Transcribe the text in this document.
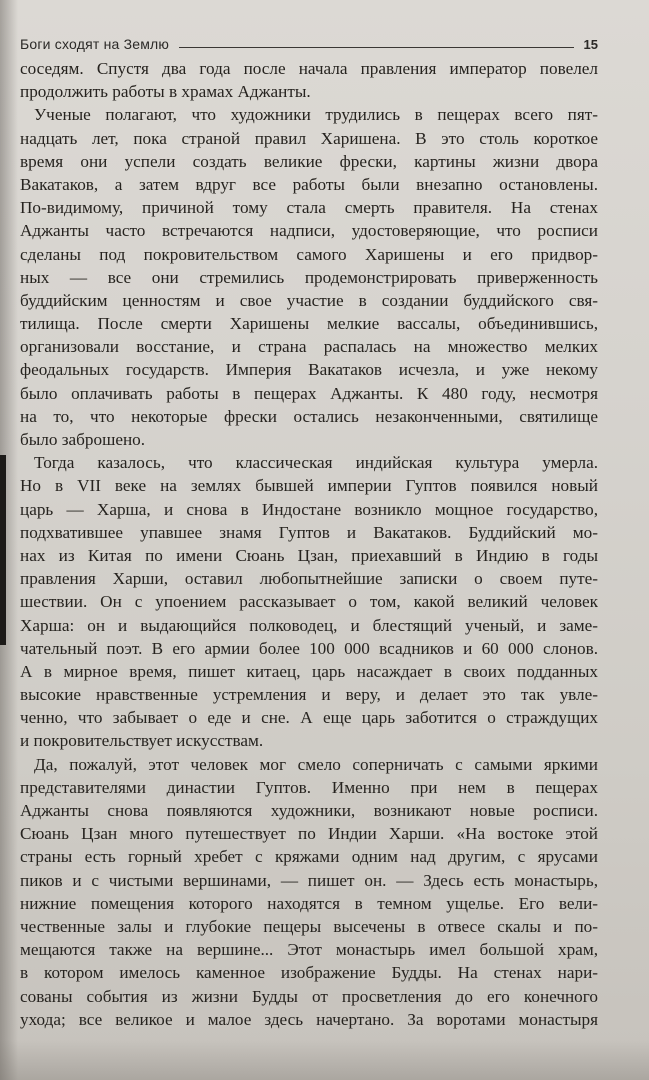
Боги сходят на Землю	15
соседям. Спустя два года после начала правления император повелел
продолжить работы в храмах Аджанты.
Ученые полагают, что художники трудились в пещерах всего пят-
надцать лет, пока страной правил Харишена. В это столь короткое
время они успели создать великие фрески, картины жизни двора
Вакатаков, а затем вдруг все работы были внезапно остановлены.
По-видимому, причиной тому стала смерть правителя. На стенах
Аджанты часто встречаются надписи, удостоверяющие, что росписи
сделаны под покровительством самого Харишены и его придвор-
ных — все они стремились продемонстрировать приверженность
буддийским ценностям и свое участие в создании буддийского свя-
тилища. После смерти Харишены мелкие вассалы, объединившись,
организовали восстание, и страна распалась на множество мелких
феодальных государств. Империя Вакатаков исчезла, и уже некому
было оплачивать работы в пещерах Аджанты. К 480 году, несмотря
на то, что некоторые фрески остались незаконченными, святилище
было заброшено.
Тогда казалось, что классическая индийская культура умерла.
Но в VII веке на землях бывшей империи Гуптов появился новый
царь — Харша, и снова в Индостане возникло мощное государство,
подхватившее упавшее знамя Гуптов и Вакатаков. Буддийский мо-
нах из Китая по имени Сюань Цзан, приехавший в Индию в годы
правления Харши, оставил любопытнейшие записки о своем путе-
шествии. Он с упоением рассказывает о том, какой великий человек
Харша: он и выдающийся полководец, и блестящий ученый, и заме-
чательный поэт. В его армии более 100 000 всадников и 60 000 слонов.
А в мирное время, пишет китаец, царь насаждает в своих подданных
высокие нравственные устремления и веру, и делает это так увле-
ченно, что забывает о еде и сне. А еще царь заботится о страждущих
и покровительствует искусствам.
Да, пожалуй, этот человек мог смело соперничать с самыми яркими
представителями династии Гуптов. Именно при нем в пещерах
Аджанты снова появляются художники, возникают новые росписи.
Сюань Цзан много путешествует по Индии Харши. «На востоке этой
страны есть горный хребет с кряжами одним над другим, с ярусами
пиков и с чистыми вершинами, — пишет он. — Здесь есть монастырь,
нижние помещения которого находятся в темном ущелье. Его вели-
чественные залы и глубокие пещеры высечены в отвесе скалы и по-
мещаются также на вершине... Этот монастырь имел большой храм,
в котором имелось каменное изображение Будды. На стенах нари-
сованы события из жизни Будды от просветления до его конечного
ухода; все великое и малое здесь начертано. За воротами монастыря
